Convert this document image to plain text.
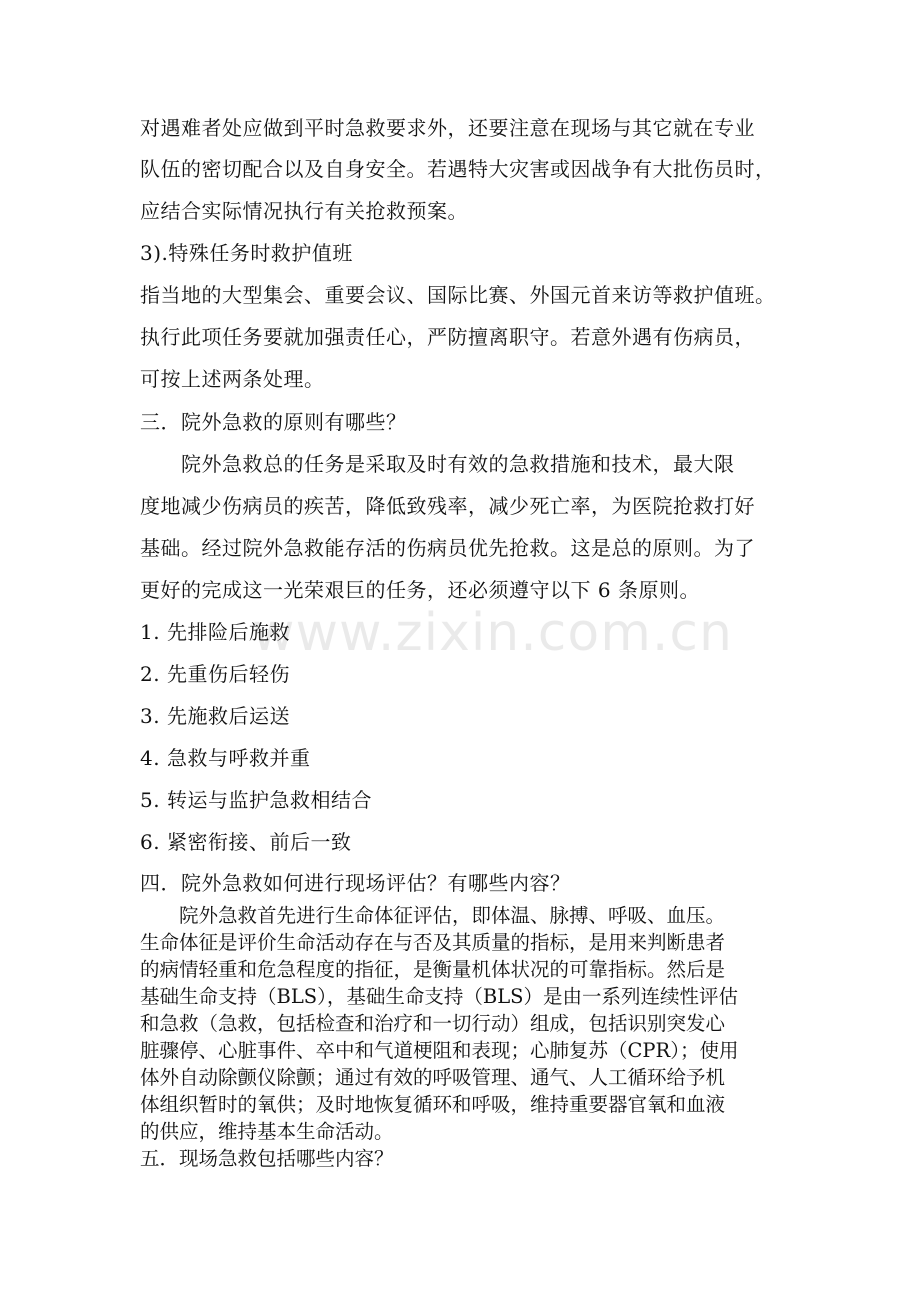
www.zixin.com.cn
对遇难者处应做到平时急救要求外，还要注意在现场与其它就在专业
队伍的密切配合以及自身安全。若遇特大灾害或因战争有大批伤员时，
应结合实际情况执行有关抢救预案。
3).特殊任务时救护值班
指当地的大型集会、重要会议、国际比赛、外国元首来访等救护值班。
执行此项任务要就加强责任心，严防擅离职守。若意外遇有伤病员，
可按上述两条处理。
三．院外急救的原则有哪些？
　　院外急救总的任务是采取及时有效的急救措施和技术，最大限
度地减少伤病员的疾苦，降低致残率，减少死亡率，为医院抢救打好
基础。经过院外急救能存活的伤病员优先抢救。这是总的原则。为了
更好的完成这一光荣艰巨的任务，还必须遵守以下 6 条原则。
1. 先排险后施救
2. 先重伤后轻伤
3. 先施救后运送
4. 急救与呼救并重
5. 转运与监护急救相结合
6. 紧密衔接、前后一致
四．院外急救如何进行现场评估？有哪些内容？
　　院外急救首先进行生命体征评估，即体温、脉搏、呼吸、血压。
生命体征是评价生命活动存在与否及其质量的指标，是用来判断患者
的病情轻重和危急程度的指征，是衡量机体状况的可靠指标。然后是
基础生命支持（BLS），基础生命支持（BLS）是由一系列连续性评估
和急救（急救，包括检查和治疗和一切行动）组成，包括识别突发心
脏骤停、心脏事件、卒中和气道梗阻和表现；心肺复苏（CPR）；使用
体外自动除颤仪除颤；通过有效的呼吸管理、通气、人工循环给予机
体组织暂时的氧供；及时地恢复循环和呼吸，维持重要器官氧和血液
的供应，维持基本生命活动。
五．现场急救包括哪些内容？
